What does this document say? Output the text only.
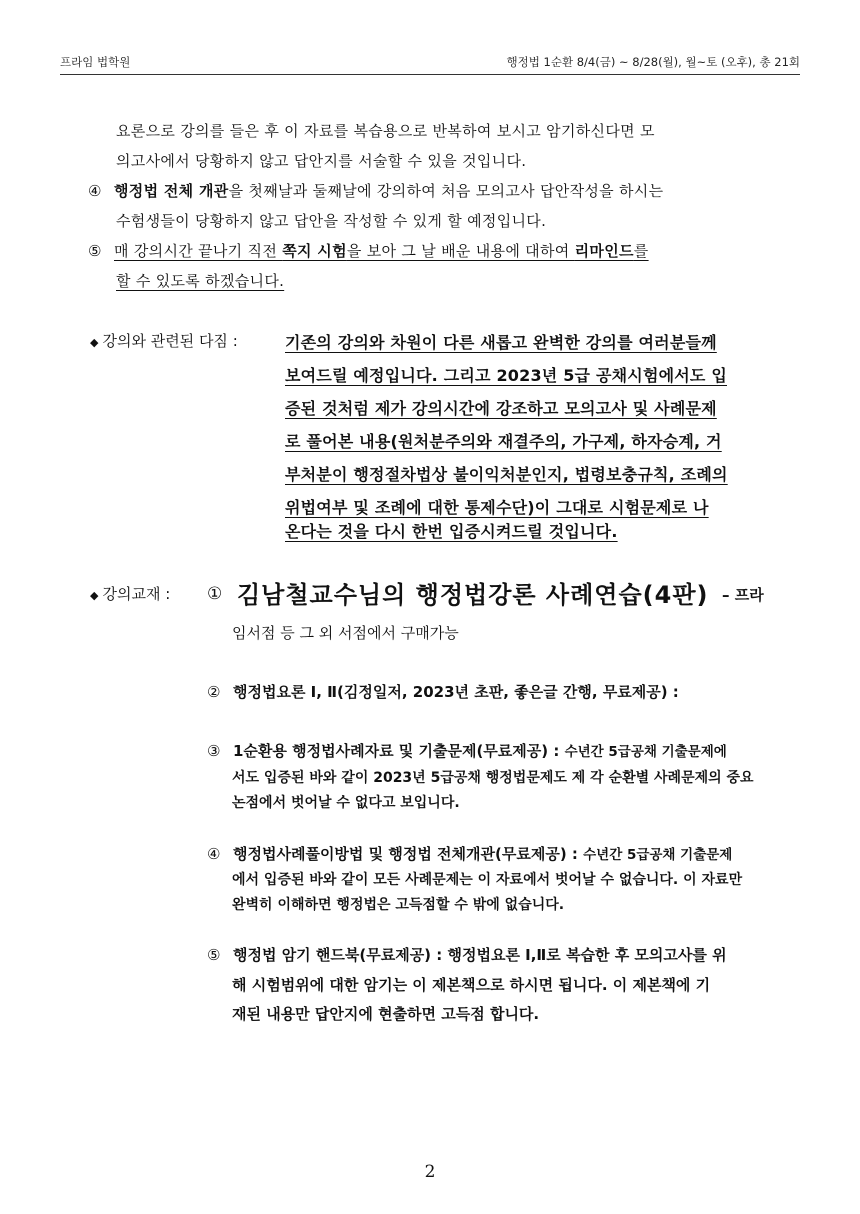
프라임 법학원	행정법 1순환 8/4(금) ~ 8/28(월), 월~토 (오후), 총 21회
요론으로 강의를 들은 후 이 자료를 복습용으로 반복하여 보시고 암기하신다면 모
의고사에서 당황하지 않고 답안지를 서술할 수 있을 것입니다.
④ 행정법 전체 개관을 첫째날과 둘째날에 강의하여 처음 모의고사 답안작성을 하시는
수험생들이 당황하지 않고 답안을 작성할 수 있게 할 예정입니다.
⑤ 매 강의시간 끝나기 직전 쪽지 시험을 보아 그 날 배운 내용에 대하여 리마인드를
할 수 있도록 하겠습니다.
◆ 강의와 관련된 다짐 :	기존의 강의와 차원이 다른 새롭고 완벽한 강의를 여러분들께
보여드릴 예정입니다. 그리고 2023년 5급 공채시험에서도 입
증된 것처럼 제가 강의시간에 강조하고 모의고사 및 사례문제
로 풀어본 내용(원처분주의와 재결주의, 가구제, 하자승계, 거
부처분이 행정절차법상 불이익처분인지, 법령보충규칙, 조례의
위법여부 및 조례에 대한 통제수단)이 그대로 시험문제로 나
온다는 것을 다시 한번 입증시켜드릴 것입니다.
◆ 강의교재 : ① 김남철교수님의 행정법강론 사례연습(4판) – 프라
임서점 등 그 외 서점에서 구매가능
② 행정법요론 Ⅰ, Ⅱ(김정일저, 2023년 초판, 좋은글 간행, 무료제공) :
③ 1순환용 행정법사례자료 및 기출문제(무료제공) : 수년간 5급공채 기출문제에
서도 입증된 바와 같이 2023년 5급공채 행정법문제도 제 각 순환별 사례문제의 중요
논점에서 벗어날 수 없다고 보입니다.
④ 행정법사례풀이방법 및 행정법 전체개관(무료제공) : 수년간 5급공채 기출문제
에서 입증된 바와 같이 모든 사례문제는 이 자료에서 벗어날 수 없습니다. 이 자료만
완벽히 이해하면 행정법은 고득점할 수 밖에 없습니다.
⑤ 행정법 암기 핸드북(무료제공) : 행정법요론 Ⅰ,Ⅱ로 복습한 후 모의고사를 위
해 시험범위에 대한 암기는 이 제본책으로 하시면 됩니다. 이 제본책에 기
재된 내용만 답안지에 현출하면 고득점 합니다.
2
